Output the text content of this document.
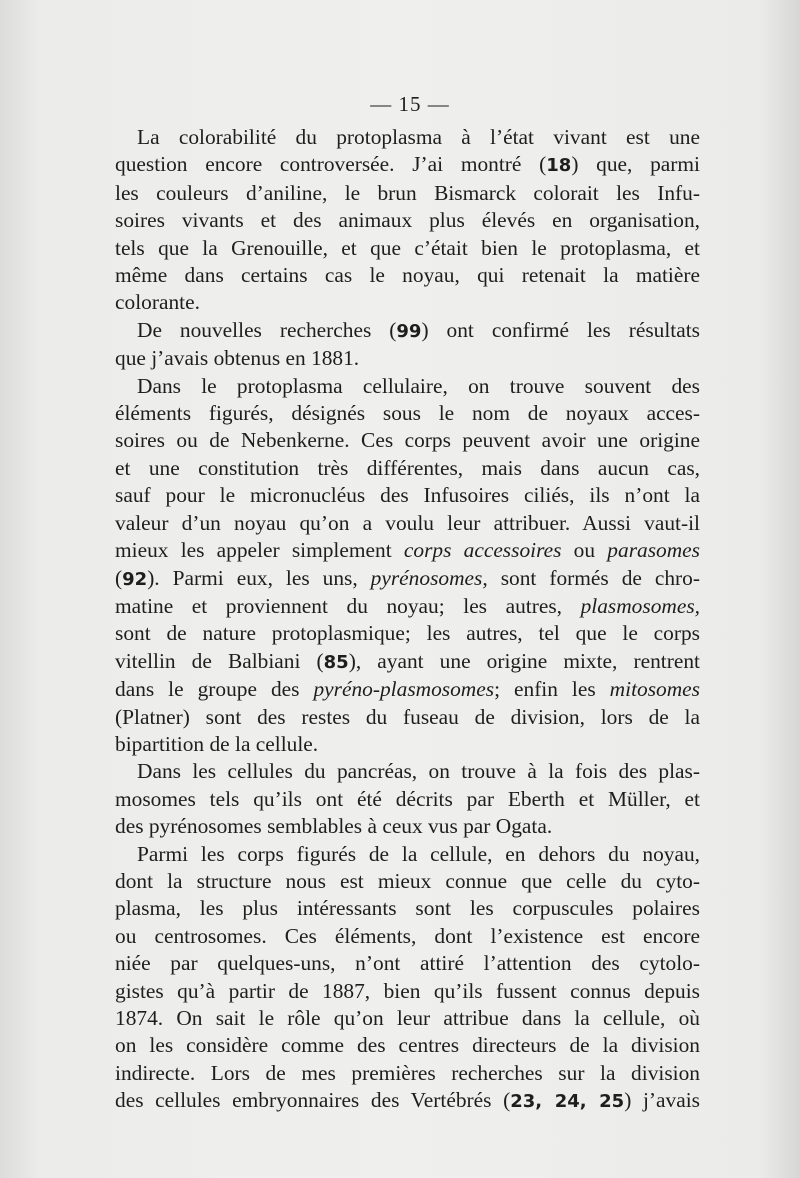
— 15 —
La colorabilité du protoplasma à l’état vivant est une
question encore controversée. J’ai montré (18) que, parmi
les couleurs d’aniline, le brun Bismarck colorait les Infu-
soires vivants et des animaux plus élevés en organisation,
tels que la Grenouille, et que c’était bien le protoplasma, et
même dans certains cas le noyau, qui retenait la matière
colorante.
De nouvelles recherches (99) ont confirmé les résultats
que j’avais obtenus en 1881.
Dans le protoplasma cellulaire, on trouve souvent des
éléments figurés, désignés sous le nom de noyaux acces-
soires ou de Nebenkerne. Ces corps peuvent avoir une origine
et une constitution très différentes, mais dans aucun cas,
sauf pour le micronucléus des Infusoires ciliés, ils n’ont la
valeur d’un noyau qu’on a voulu leur attribuer. Aussi vaut-il
mieux les appeler simplement corps accessoires ou parasomes
(92). Parmi eux, les uns, pyrénosomes, sont formés de chro-
matine et proviennent du noyau; les autres, plasmosomes,
sont de nature protoplasmique; les autres, tel que le corps
vitellin de Balbiani (85), ayant une origine mixte, rentrent
dans le groupe des pyréno-plasmosomes; enfin les mitosomes
(Platner) sont des restes du fuseau de division, lors de la
bipartition de la cellule.
Dans les cellules du pancréas, on trouve à la fois des plas-
mosomes tels qu’ils ont été décrits par Eberth et Müller, et
des pyrénosomes semblables à ceux vus par Ogata.
Parmi les corps figurés de la cellule, en dehors du noyau,
dont la structure nous est mieux connue que celle du cyto-
plasma, les plus intéressants sont les corpuscules polaires
ou centrosomes. Ces éléments, dont l’existence est encore
niée par quelques-uns, n’ont attiré l’attention des cytolo-
gistes qu’à partir de 1887, bien qu’ils fussent connus depuis
1874. On sait le rôle qu’on leur attribue dans la cellule, où
on les considère comme des centres directeurs de la division
indirecte. Lors de mes premières recherches sur la division
des cellules embryonnaires des Vertébrés (23, 24, 25) j’avais
